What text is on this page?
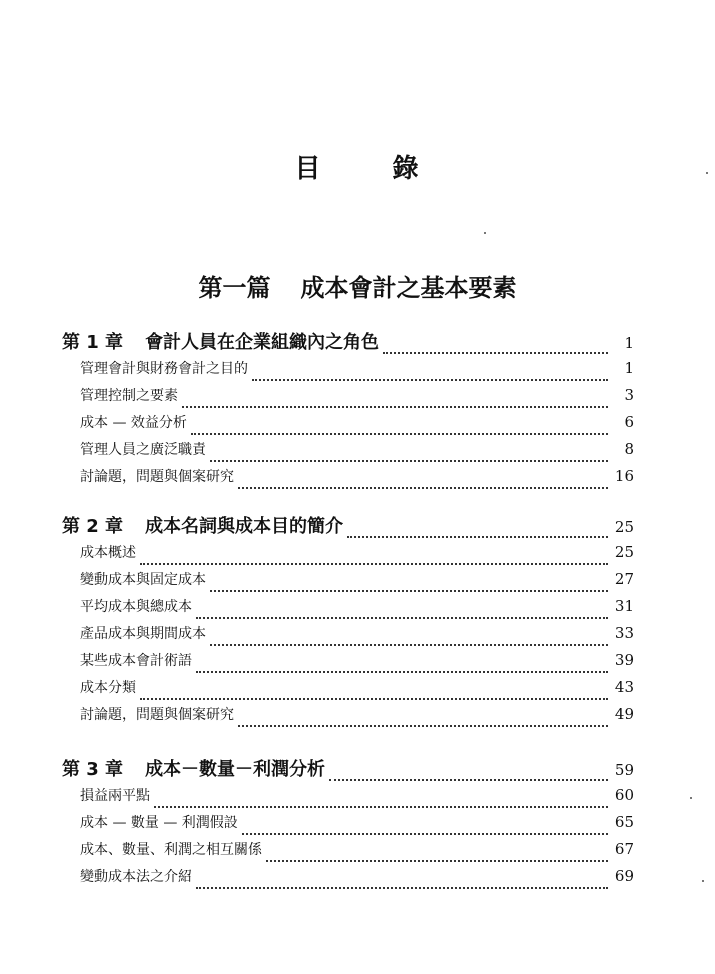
目	錄
第一篇 成本會計之基本要素
第 1 章 會計人員在企業組織內之角色	1
管理會計與財務會計之目的	1
管理控制之要素	3
成本 — 效益分析	6
管理人員之廣泛職責	8
討論題，問題與個案研究	16
第 2 章 成本名詞與成本目的簡介	25
成本概述	25
變動成本與固定成本	27
平均成本與總成本	31
產品成本與期間成本	33
某些成本會計術語	39
成本分類	43
討論題，問題與個案研究	49
第 3 章 成本－數量－利潤分析	59
損益兩平點	60
成本 — 數量 — 利潤假設	65
成本、數量、利潤之相互關係	67
變動成本法之介紹	69
